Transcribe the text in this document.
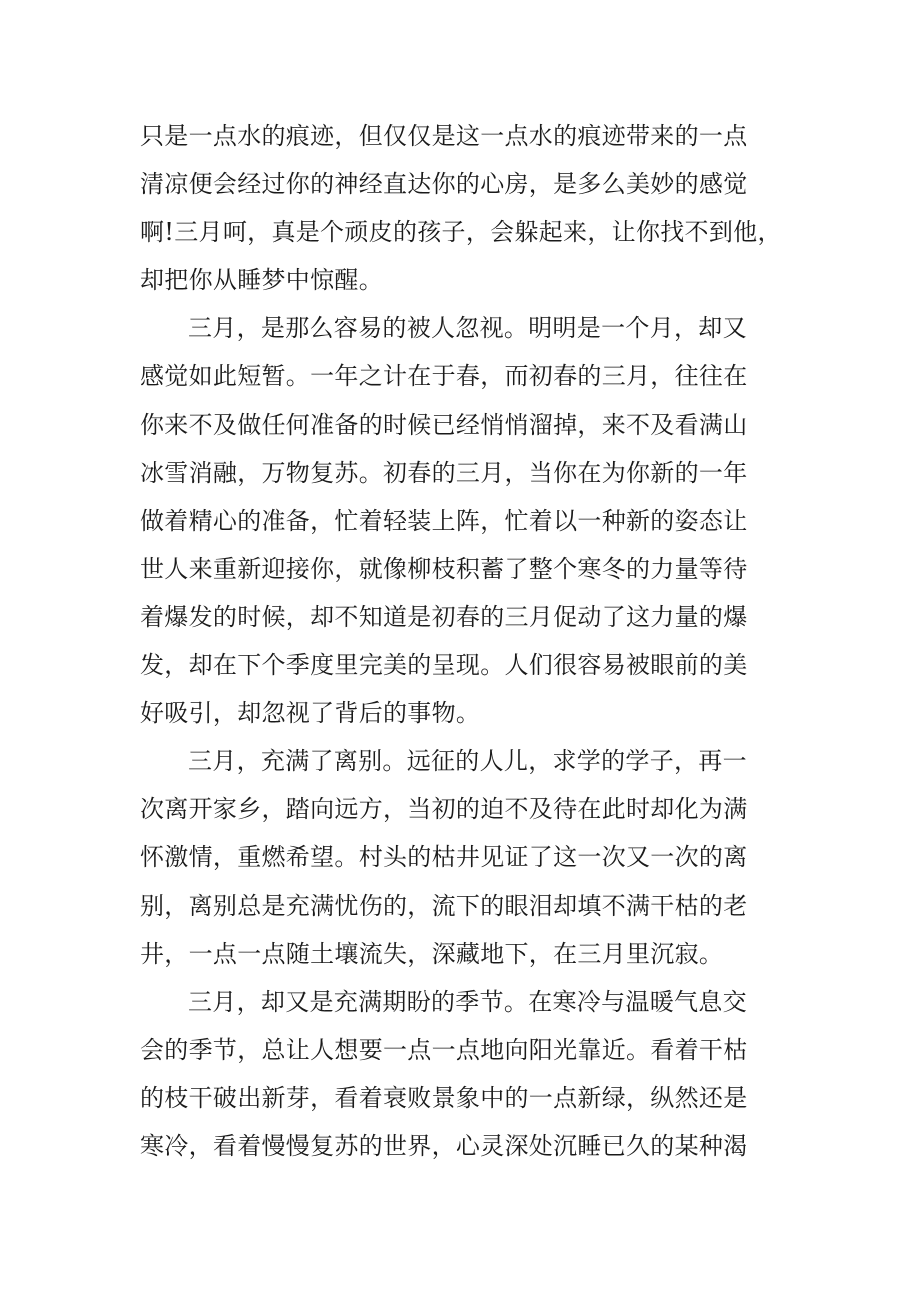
只是一点水的痕迹，但仅仅是这一点水的痕迹带来的一点
清凉便会经过你的神经直达你的心房，是多么美妙的感觉
啊!三月呵，真是个顽皮的孩子，会躲起来，让你找不到他，
却把你从睡梦中惊醒。
三月，是那么容易的被人忽视。明明是一个月，却又
感觉如此短暂。一年之计在于春，而初春的三月，往往在
你来不及做任何准备的时候已经悄悄溜掉，来不及看满山
冰雪消融，万物复苏。初春的三月，当你在为你新的一年
做着精心的准备，忙着轻装上阵，忙着以一种新的姿态让
世人来重新迎接你，就像柳枝积蓄了整个寒冬的力量等待
着爆发的时候，却不知道是初春的三月促动了这力量的爆
发，却在下个季度里完美的呈现。人们很容易被眼前的美
好吸引，却忽视了背后的事物。
三月，充满了离别。远征的人儿，求学的学子，再一
次离开家乡，踏向远方，当初的迫不及待在此时却化为满
怀激情，重燃希望。村头的枯井见证了这一次又一次的离
别，离别总是充满忧伤的，流下的眼泪却填不满干枯的老
井，一点一点随土壤流失，深藏地下，在三月里沉寂。
三月，却又是充满期盼的季节。在寒冷与温暖气息交
会的季节，总让人想要一点一点地向阳光靠近。看着干枯
的枝干破出新芽，看着衰败景象中的一点新绿，纵然还是
寒冷，看着慢慢复苏的世界，心灵深处沉睡已久的某种渴
